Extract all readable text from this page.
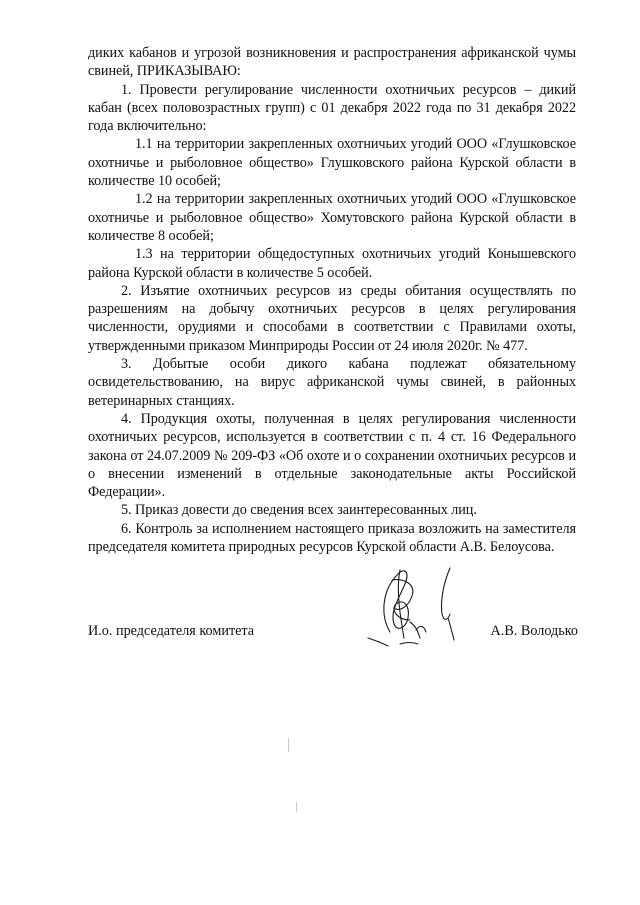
диких кабанов и угрозой возникновения и распространения африканской чумы свиней, ПРИКАЗЫВАЮ:

1. Провести регулирование численности охотничьих ресурсов – дикий кабан (всех половозрастных групп) с 01 декабря 2022 года по 31 декабря 2022 года включительно:

1.1 на территории закрепленных охотничьих угодий ООО «Глушковское охотничье и рыболовное общество» Глушковского района Курской области в количестве 10 особей;

1.2 на территории закрепленных охотничьих угодий ООО «Глушковское охотничье и рыболовное общество» Хомутовского района Курской области в количестве 8 особей;

1.3 на территории общедоступных охотничьих угодий Конышевского района Курской области в количестве 5 особей.

2. Изъятие охотничьих ресурсов из среды обитания осуществлять по разрешениям на добычу охотничьих ресурсов в целях регулирования численности, орудиями и способами в соответствии с Правилами охоты, утвержденными приказом Минприроды России от 24 июля 2020г. № 477.

3. Добытые особи дикого кабана подлежат обязательному освидетельствованию, на вирус африканской чумы свиней, в районных ветеринарных станциях.

4. Продукция охоты, полученная в целях регулирования численности охотничьих ресурсов, используется в соответствии с п. 4 ст. 16 Федерального закона от 24.07.2009 № 209-ФЗ «Об охоте и о сохранении охотничьих ресурсов и о внесении изменений в отдельные законодательные акты Российской Федерации».

5. Приказ довести до сведения всех заинтересованных лиц.

6. Контроль за исполнением настоящего приказа возложить на заместителя председателя комитета природных ресурсов Курской области А.В. Белоусова.

И.о. председателя комитета	А.В. Володько
